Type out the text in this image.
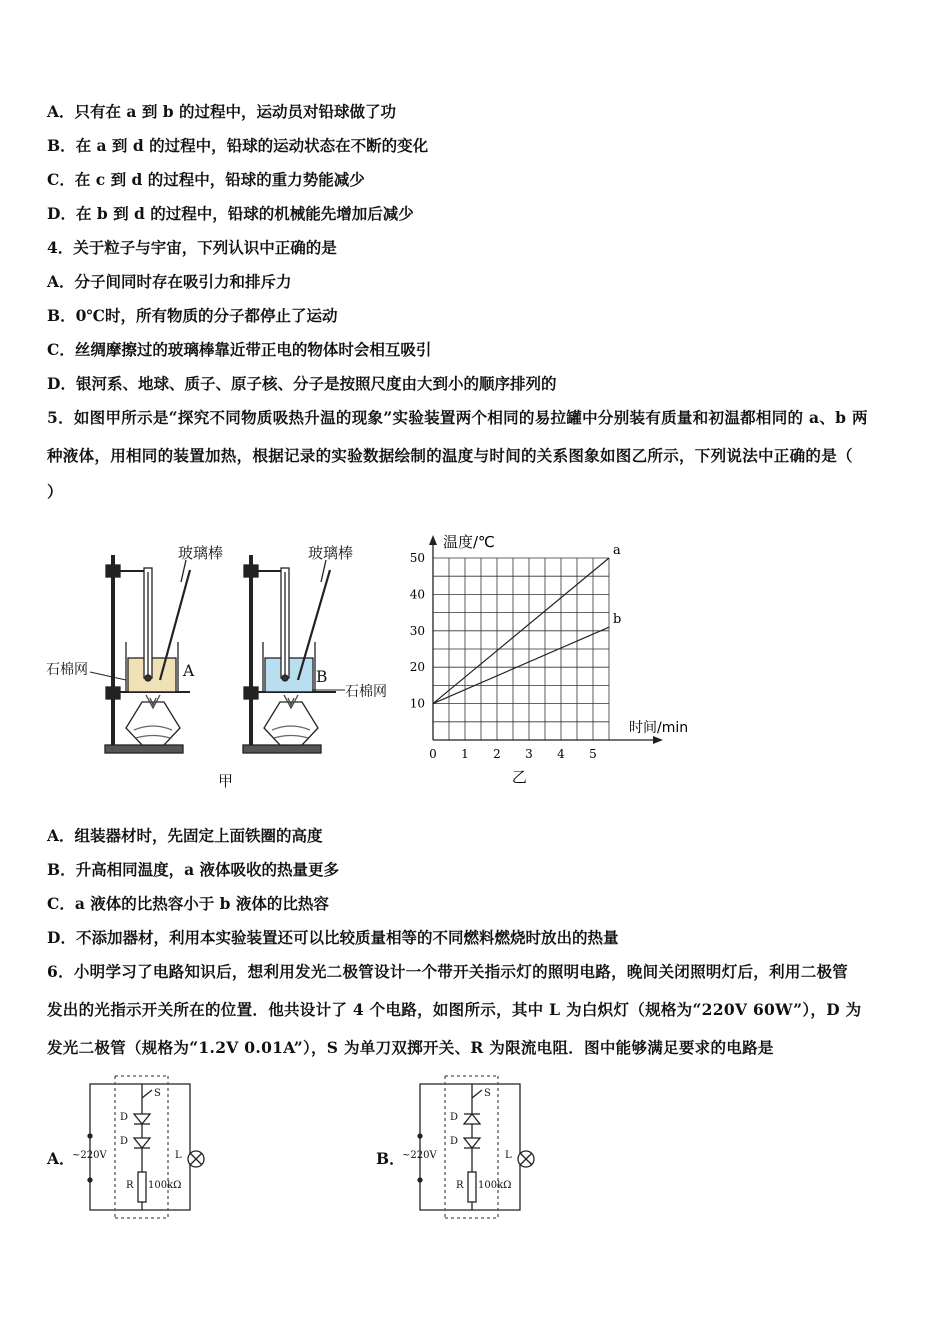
A．只有在 a 到 b 的过程中，运动员对铅球做了功
B．在 a 到 d 的过程中，铅球的运动状态在不断的变化
C．在 c 到 d 的过程中，铅球的重力势能减少
D．在 b 到 d 的过程中，铅球的机械能先增加后减少
4．关于粒子与宇宙，下列认识中正确的是
A．分子间同时存在吸引力和排斥力
B．0℃时，所有物质的分子都停止了运动
C．丝绸摩擦过的玻璃棒靠近带正电的物体时会相互吸引
D．银河系、地球、质子、原子核、分子是按照尺度由大到小的顺序排列的
5．如图甲所示是“探究不同物质吸热升温的现象”实验装置两个相同的易拉罐中分别装有质量和初温都相同的 a、b 两
种液体，用相同的装置加热，根据记录的实验数据绘制的温度与时间的关系图象如图乙所示，下列说法中正确的是（
）
玻璃棒	玻璃棒
石棉网
石棉网
A	B
甲
10
20
30
40
50
0 1 2 3 4 5
温度/℃
时间/min
乙
a
b
A．组装器材时，先固定上面铁圈的高度
B．升高相同温度，a 液体吸收的热量更多
C．a 液体的比热容小于 b 液体的比热容
D．不添加器材，利用本实验装置还可以比较质量相等的不同燃料燃烧时放出的热量
6．小明学习了电路知识后，想利用发光二极管设计一个带开关指示灯的照明电路，晚间关闭照明灯后，利用二极管
发出的光指示开关所在的位置．他共设计了 4 个电路，如图所示，其中 L 为白炽灯（规格为“220V 60W”），D 为
发光二极管（规格为“1.2V 0.01A”），S 为单刀双掷开关、R 为限流电阻．图中能够满足要求的电路是
A．
~220V
S
D
D
L
R 100kΩ
B．
~220V
S
D
D
L
R 100kΩ
